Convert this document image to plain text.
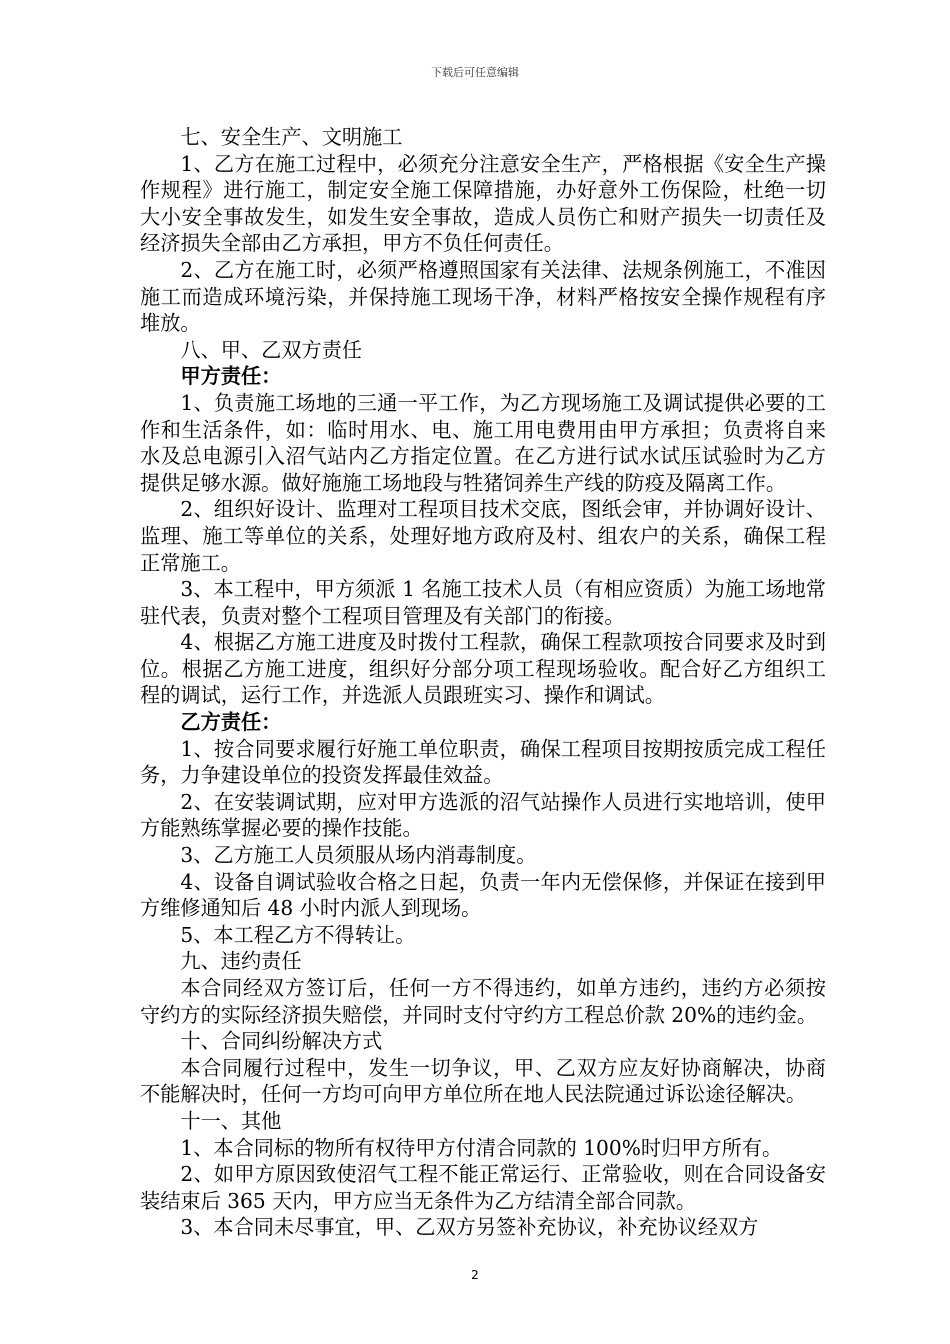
下载后可任意编辑

七、安全生产、文明施工

1、乙方在施工过程中，必须充分注意安全生产，严格根据《安全生产操作规程》进行施工，制定安全施工保障措施，办好意外工伤保险，杜绝一切大小安全事故发生，如发生安全事故，造成人员伤亡和财产损失一切责任及经济损失全部由乙方承担，甲方不负任何责任。

2、乙方在施工时，必须严格遵照国家有关法律、法规条例施工，不准因施工而造成环境污染，并保持施工现场干净，材料严格按安全操作规程有序堆放。

八、甲、乙双方责任

甲方责任：

1、负责施工场地的三通一平工作，为乙方现场施工及调试提供必要的工作和生活条件，如：临时用水、电、施工用电费用由甲方承担；负责将自来水及总电源引入沼气站内乙方指定位置。在乙方进行试水试压试验时为乙方提供足够水源。做好施施工场地段与牲猪饲养生产线的防疫及隔离工作。

2、组织好设计、监理对工程项目技术交底，图纸会审，并协调好设计、监理、施工等单位的关系，处理好地方政府及村、组农户的关系，确保工程正常施工。

3、本工程中，甲方须派 1 名施工技术人员（有相应资质）为施工场地常驻代表，负责对整个工程项目管理及有关部门的衔接。

4、根据乙方施工进度及时拨付工程款，确保工程款项按合同要求及时到位。根据乙方施工进度，组织好分部分项工程现场验收。配合好乙方组织工程的调试，运行工作，并选派人员跟班实习、操作和调试。

乙方责任：

1、按合同要求履行好施工单位职责，确保工程项目按期按质完成工程任务，力争建设单位的投资发挥最佳效益。

2、在安装调试期，应对甲方选派的沼气站操作人员进行实地培训，使甲方能熟练掌握必要的操作技能。

3、乙方施工人员须服从场内消毒制度。

4、设备自调试验收合格之日起，负责一年内无偿保修，并保证在接到甲方维修通知后 48 小时内派人到现场。

5、本工程乙方不得转让。

九、违约责任

本合同经双方签订后，任何一方不得违约，如单方违约，违约方必须按守约方的实际经济损失赔偿，并同时支付守约方工程总价款 20%的违约金。

十、合同纠纷解决方式

本合同履行过程中，发生一切争议，甲、乙双方应友好协商解决，协商不能解决时，任何一方均可向甲方单位所在地人民法院通过诉讼途径解决。

十一、其他

1、本合同标的物所有权待甲方付清合同款的 100%时归甲方所有。

2、如甲方原因致使沼气工程不能正常运行、正常验收，则在合同设备安装结束后 365 天内，甲方应当无条件为乙方结清全部合同款。

3、本合同未尽事宜，甲、乙双方另签补充协议，补充协议经双方

2
